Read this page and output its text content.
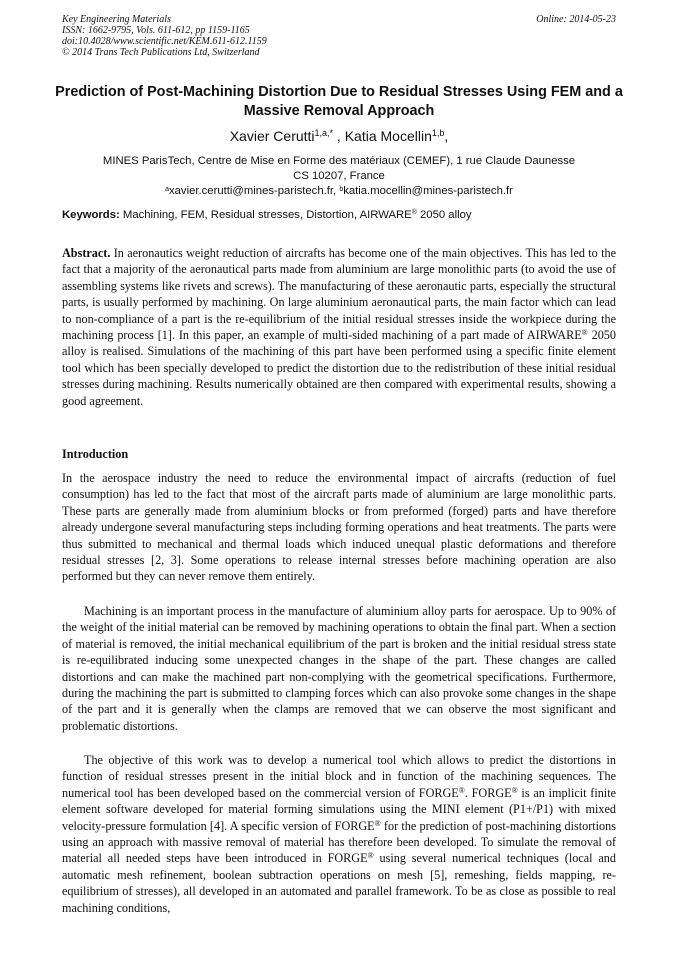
Key Engineering Materials
ISSN: 1662-9795, Vols. 611-612, pp 1159-1165
doi:10.4028/www.scientific.net/KEM.611-612.1159
© 2014 Trans Tech Publications Ltd, Switzerland
Online: 2014-05-23
Prediction of Post-Machining Distortion Due to Residual Stresses Using FEM and a Massive Removal Approach
Xavier Cerutti$^{1,a,*}$ , Katia Mocellin$^{1,b}$,
MINES ParisTech, Centre de Mise en Forme des matériaux (CEMEF), 1 rue Claude Daunesse
CS 10207, France
$^a$xavier.cerutti@mines-paristech.fr, $^b$katia.mocellin@mines-paristech.fr
Keywords: Machining, FEM, Residual stresses, Distortion, AIRWARE® 2050 alloy
Abstract. In aeronautics weight reduction of aircrafts has become one of the main objectives. This has led to the fact that a majority of the aeronautical parts made from aluminium are large monolithic parts (to avoid the use of assembling systems like rivets and screws). The manufacturing of these aeronautic parts, especially the structural parts, is usually performed by machining. On large aluminium aeronautical parts, the main factor which can lead to non-compliance of a part is the re-equilibrium of the initial residual stresses inside the workpiece during the machining process [1]. In this paper, an example of multi-sided machining of a part made of AIRWARE® 2050 alloy is realised. Simulations of the machining of this part have been performed using a specific finite element tool which has been specially developed to predict the distortion due to the redistribution of these initial residual stresses during machining. Results numerically obtained are then compared with experimental results, showing a good agreement.
Introduction
In the aerospace industry the need to reduce the environmental impact of aircrafts (reduction of fuel consumption) has led to the fact that most of the aircraft parts made of aluminium are large monolithic parts. These parts are generally made from aluminium blocks or from preformed (forged) parts and have therefore already undergone several manufacturing steps including forming operations and heat treatments. The parts were thus submitted to mechanical and thermal loads which induced unequal plastic deformations and therefore residual stresses [2, 3]. Some operations to release internal stresses before machining operation are also performed but they can never remove them entirely.
Machining is an important process in the manufacture of aluminium alloy parts for aerospace. Up to 90% of the weight of the initial material can be removed by machining operations to obtain the final part. When a section of material is removed, the initial mechanical equilibrium of the part is broken and the initial residual stress state is re-equilibrated inducing some unexpected changes in the shape of the part. These changes are called distortions and can make the machined part non-complying with the geometrical specifications. Furthermore, during the machining the part is submitted to clamping forces which can also provoke some changes in the shape of the part and it is generally when the clamps are removed that we can observe the most significant and problematic distortions.
The objective of this work was to develop a numerical tool which allows to predict the distortions in function of residual stresses present in the initial block and in function of the machining sequences. The numerical tool has been developed based on the commercial version of FORGE®. FORGE® is an implicit finite element software developed for material forming simulations using the MINI element (P1+/P1) with mixed velocity-pressure formulation [4]. A specific version of FORGE® for the prediction of post-machining distortions using an approach with massive removal of material has therefore been developed. To simulate the removal of material all needed steps have been introduced in FORGE® using several numerical techniques (local and automatic mesh refinement, boolean subtraction operations on mesh [5], remeshing, fields mapping, re-equilibrium of stresses), all developed in an automated and parallel framework. To be as close as possible to real machining conditions,
